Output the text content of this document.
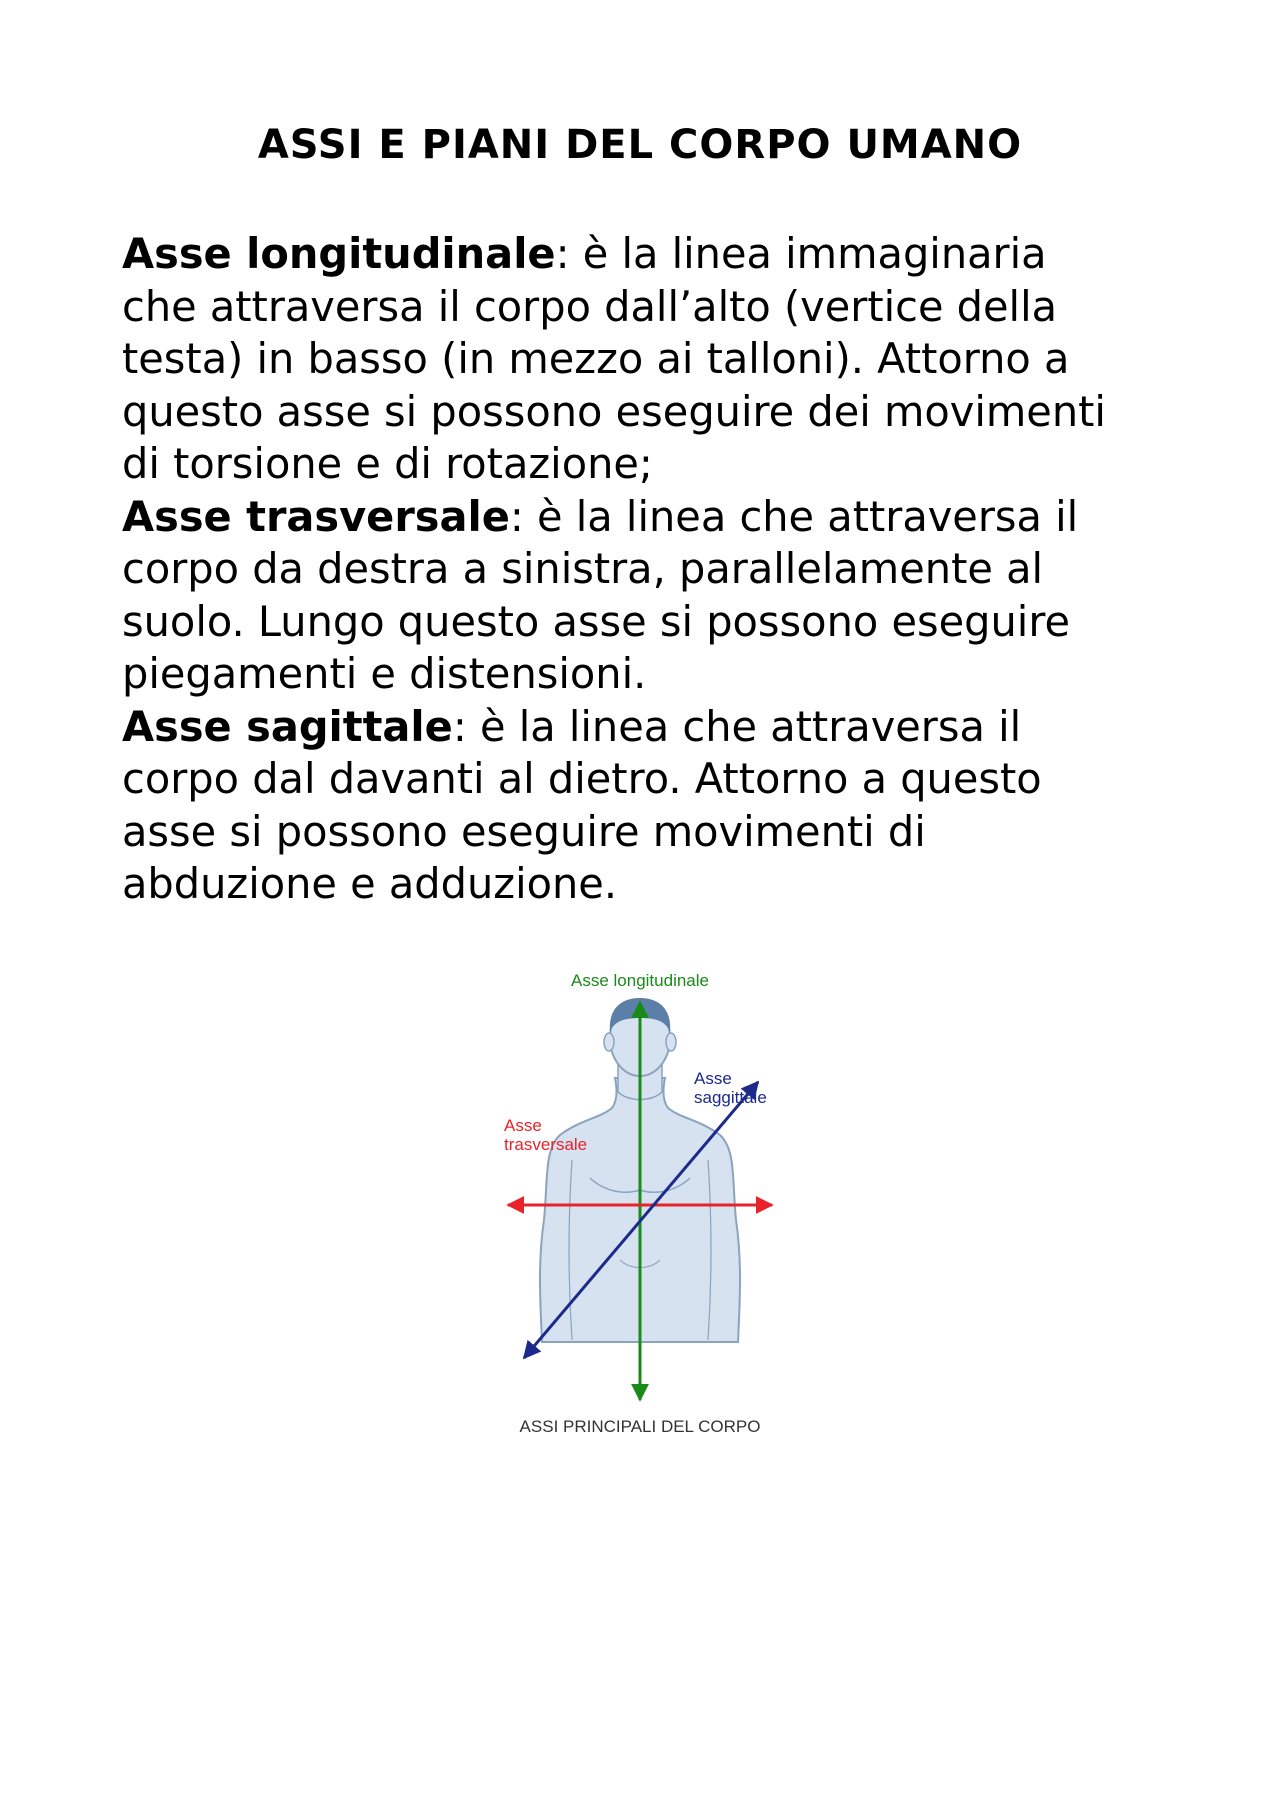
ASSI E PIANI DEL CORPO UMANO

Asse longitudinale: è la linea immaginaria che attraversa il corpo dall’alto (vertice della testa) in basso (in mezzo ai talloni). Attorno a questo asse si possono eseguire dei movimenti di torsione e di rotazione;

Asse trasversale: è la linea che attraversa il corpo da destra a sinistra, parallelamente al suolo. Lungo questo asse si possono eseguire piegamenti e distensioni.

Asse sagittale: è la linea che attraversa il corpo dal davanti al dietro. Attorno a questo asse si possono eseguire movimenti di abduzione e adduzione.

Asse longitudinale
Asse
saggittale
Asse
trasversale
ASSI PRINCIPALI DEL CORPO
